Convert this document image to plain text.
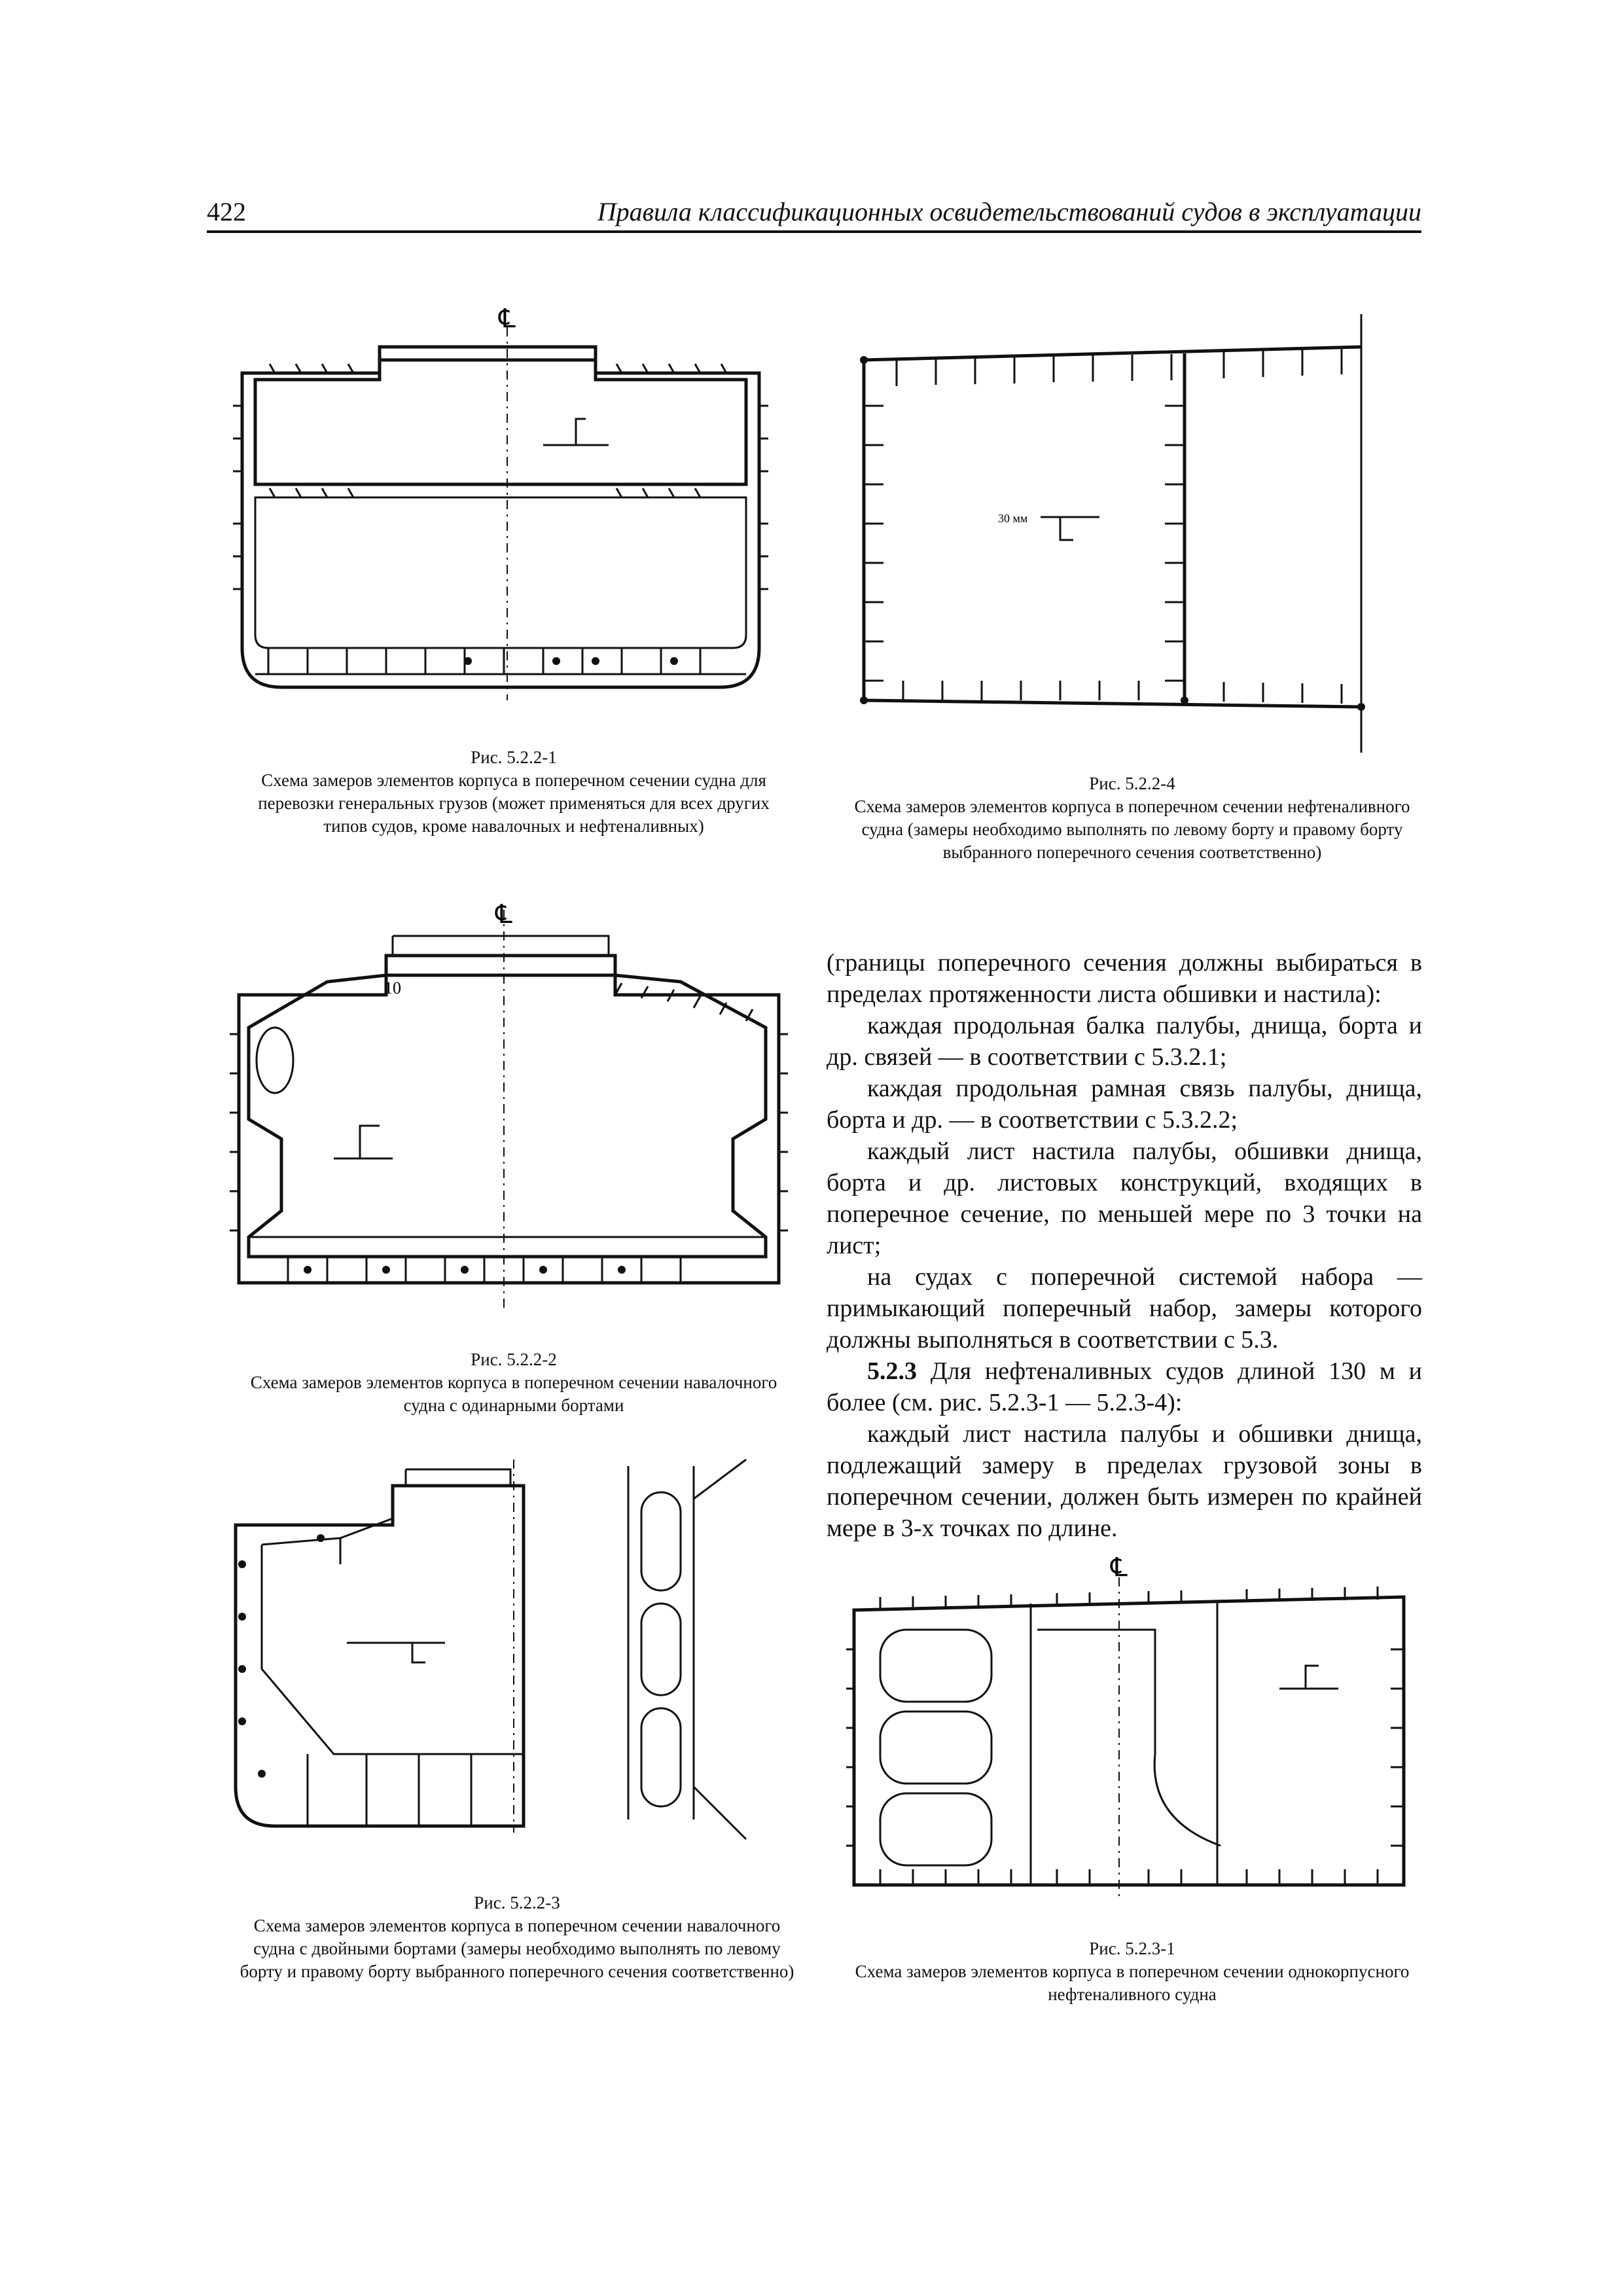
422	Правила классификационных освидетельствований судов в эксплуатации
℄
Рис. 5.2.2-1
Схема замеров элементов корпуса в поперечном сечении судна для перевозки генеральных грузов (может применяться для всех других типов судов, кроме навалочных и нефтеналивных)
30 мм
Рис. 5.2.2-4
Схема замеров элементов корпуса в поперечном сечении нефтеналивного судна (замеры необходимо выполнять по левому борту и правому борту выбранного поперечного сечения соответственно)
℄
10
Рис. 5.2.2-2
Схема замеров элементов корпуса в поперечном сечении навалочного судна с одинарными бортами
Рис. 5.2.2-3
Схема замеров элементов корпуса в поперечном сечении навалочного судна с двойными бортами (замеры необходимо выполнять по левому борту и правому борту выбранного поперечного сечения соответственно)
℄
Рис. 5.2.3-1
Схема замеров элементов корпуса в поперечном сечении однокорпусного нефтеналивного судна

(границы поперечного сечения должны выбираться в пределах протяженности листа обшивки и настила):

каждая продольная балка палубы, днища, борта и др. связей — в соответствии с 5.3.2.1;

каждая продольная рамная связь палубы, днища, борта и др. — в соответствии с 5.3.2.2;

каждый лист настила палубы, обшивки днища, борта и др. листовых конструкций, входящих в поперечное сечение, по меньшей мере по 3 точки на лист;

на судах с поперечной системой набора — примыкающий поперечный набор, замеры которого должны выполняться в соответствии с 5.3.

5.2.3 Для нефтеналивных судов длиной 130 м и более (см. рис. 5.2.3-1 — 5.2.3-4):

каждый лист настила палубы и обшивки днища, подлежащий замеру в пределах грузовой зоны в поперечном сечении, должен быть измерен по крайней мере в 3-х точках по длине.
